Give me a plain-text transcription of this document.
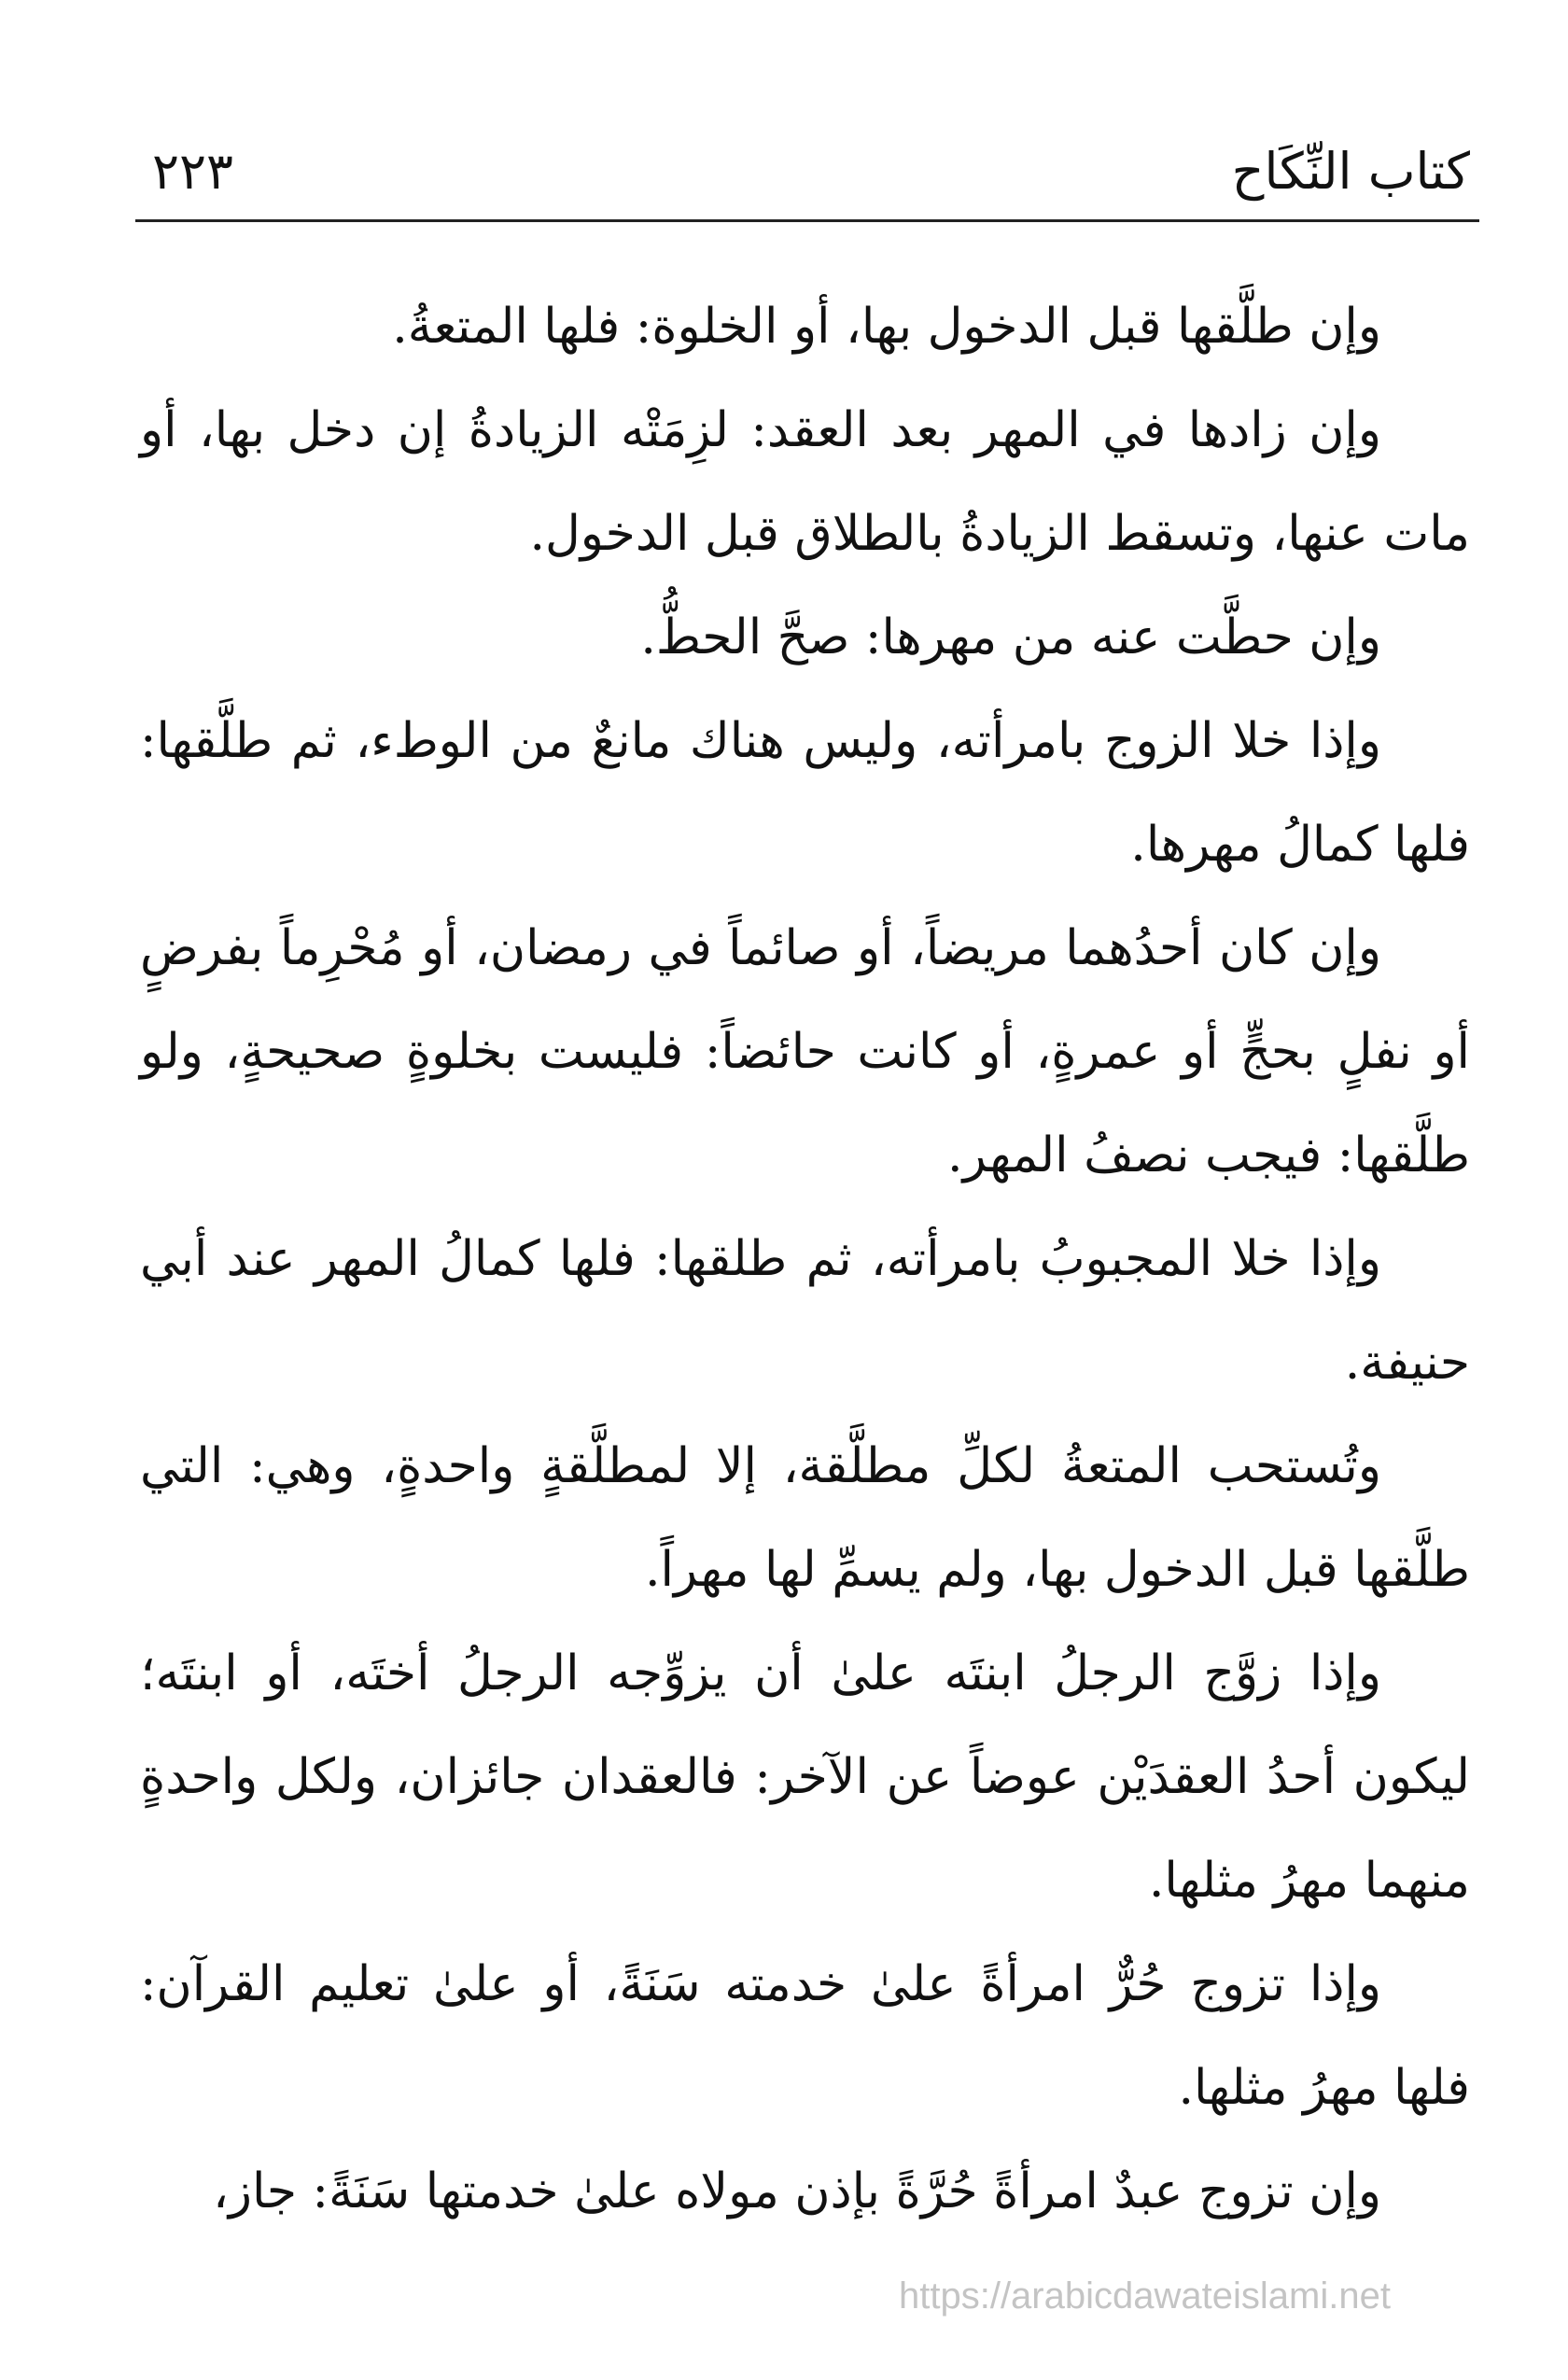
كتاب النِّكَاح
٢٢٣

وإن طلَّقها قبل الدخول بها، أو الخلوة: فلها المتعةُ.

وإن زادها في المهر بعد العقد: لزِمَتْه الزيادةُ إن دخل بها، أو مات عنها، وتسقط الزيادةُ بالطلاق قبل الدخول.

وإن حطَّت عنه من مهرها: صحَّ الحطُّ.

وإذا خلا الزوج بامرأته، وليس هناك مانعٌ من الوطء، ثم طلَّقها: فلها كمالُ مهرها.

وإن كان أحدُهما مريضاً، أو صائماً في رمضان، أو مُحْرِماً بفرضٍ أو نفلٍ بحجٍّ أو عمرةٍ، أو كانت حائضاً: فليست بخلوةٍ صحيحةٍ، ولو طلَّقها: فيجب نصفُ المهر.

وإذا خلا المجبوبُ بامرأته، ثم طلقها: فلها كمالُ المهر عند أبي حنيفة.

وتُستحب المتعةُ لكلِّ مطلَّقة، إلا لمطلَّقةٍ واحدةٍ، وهي: التي طلَّقها قبل الدخول بها، ولم يسمِّ لها مهراً.

وإذا زوَّج الرجلُ ابنتَه علىٰ أن يزوِّجه الرجلُ أختَه، أو ابنتَه؛ ليكون أحدُ العقدَيْن عوضاً عن الآخر: فالعقدان جائزان، ولكل واحدةٍ منهما مهرُ مثلها.

وإذا تزوج حُرٌّ امرأةً علىٰ خدمته سَنَةً، أو علىٰ تعليم القرآن: فلها مهرُ مثلها.

وإن تزوج عبدٌ امرأةً حُرَّةً بإذن مولاه علىٰ خدمتها سَنَةً: جاز،

https://arabicdawateislami.net
